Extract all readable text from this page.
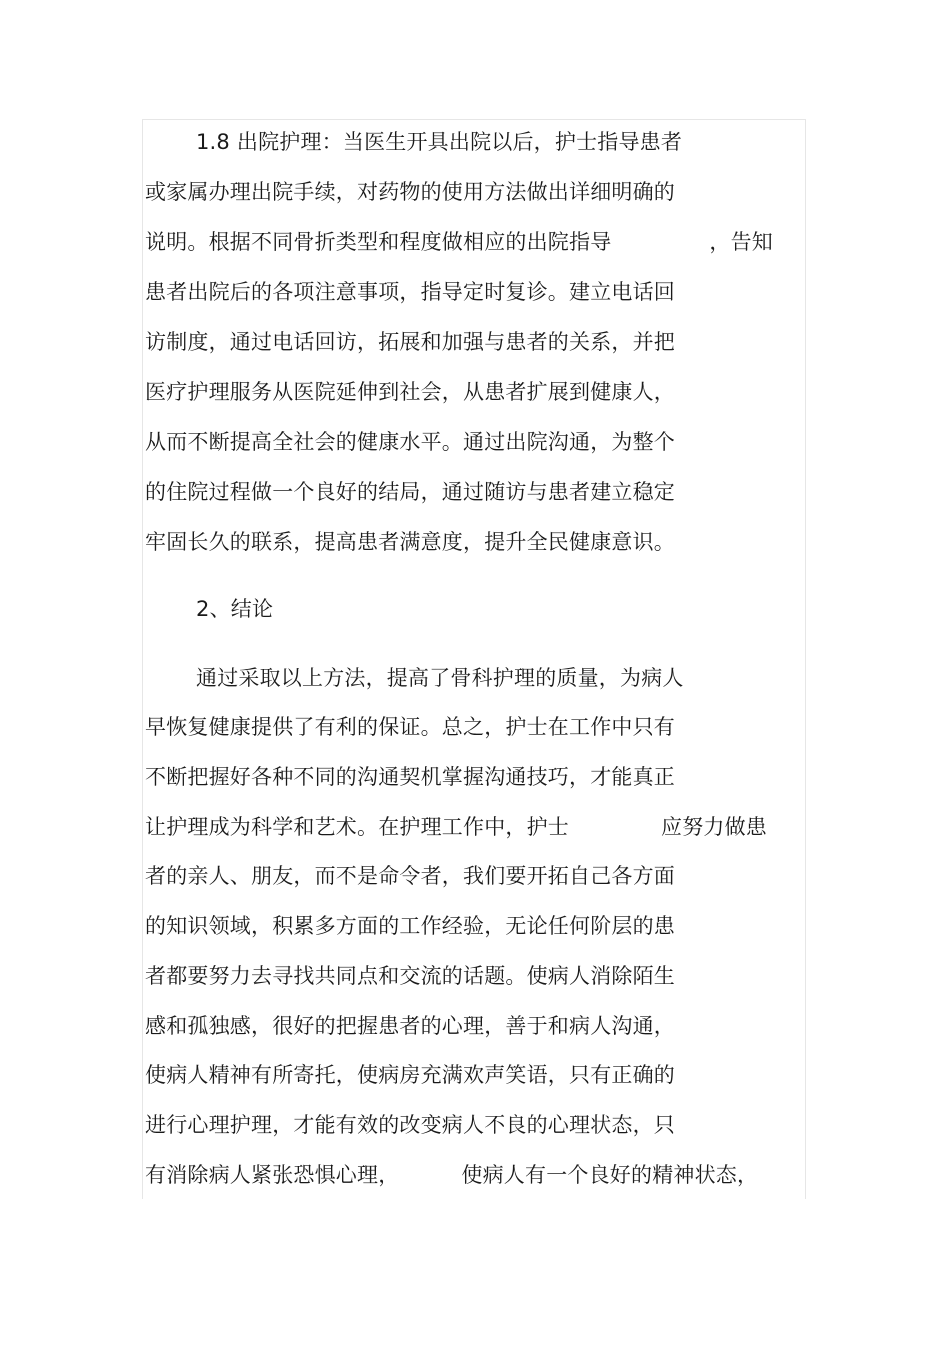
1.8 出院护理：当医生开具出院以后，护士指导患者
或家属办理出院手续，对药物的使用方法做出详细明确的
说明。根据不同骨折类型和程度做相应的出院指导	，告知
患者出院后的各项注意事项，指导定时复诊。建立电话回
访制度，通过电话回访，拓展和加强与患者的关系，并把
医疗护理服务从医院延伸到社会，从患者扩展到健康人，
从而不断提高全社会的健康水平。通过出院沟通，为整个
的住院过程做一个良好的结局，通过随访与患者建立稳定
牢固长久的联系，提高患者满意度，提升全民健康意识。
2、结论
通过采取以上方法，提高了骨科护理的质量，为病人
早恢复健康提供了有利的保证。总之，护士在工作中只有
不断把握好各种不同的沟通契机掌握沟通技巧，才能真正
让护理成为科学和艺术。在护理工作中，护士	应努力做患
者的亲人、朋友，而不是命令者，我们要开拓自己各方面
的知识领域，积累多方面的工作经验，无论任何阶层的患
者都要努力去寻找共同点和交流的话题。使病人消除陌生
感和孤独感，很好的把握患者的心理，善于和病人沟通，
使病人精神有所寄托，使病房充满欢声笑语，只有正确的
进行心理护理，才能有效的改变病人不良的心理状态，只
有消除病人紧张恐惧心理，	使病人有一个良好的精神状态，
